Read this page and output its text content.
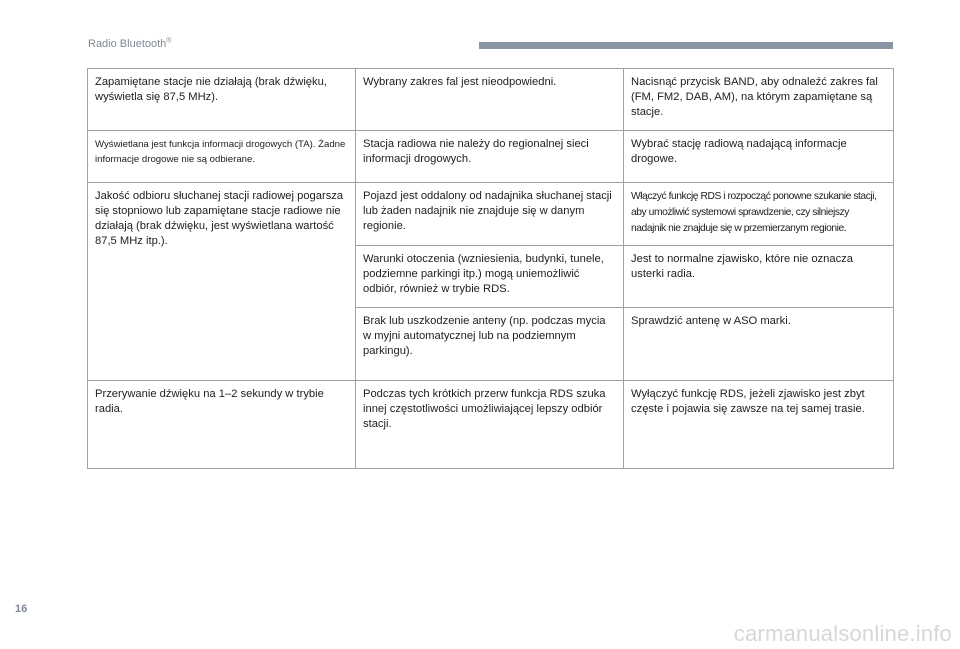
Radio Bluetooth®
Zapamiętane stacje nie działają (brak dźwięku, wyświetla się 87,5 MHz).	Wybrany zakres fal jest nieodpowiedni.	Nacisnąć przycisk BAND, aby odnaleźć zakres fal (FM, FM2, DAB, AM), na którym zapamiętane są stacje.
Wyświetlana jest funkcja informacji drogowych (TA). Żadne informacje drogowe nie są odbierane.	Stacja radiowa nie należy do regionalnej sieci informacji drogowych.	Wybrać stację radiową nadającą informacje drogowe.
Jakość odbioru słuchanej stacji radiowej pogarsza się stopniowo lub zapamiętane stacje radiowe nie działają (brak dźwięku, jest wyświetlana wartość 87,5 MHz itp.).	Pojazd jest oddalony od nadajnika słuchanej stacji lub żaden nadajnik nie znajduje się w danym regionie.	Włączyć funkcję RDS i rozpocząć ponowne szukanie stacji, aby umożliwić systemowi sprawdzenie, czy silniejszy nadajnik nie znajduje się w przemierzanym regionie.
	Warunki otoczenia (wzniesienia, budynki, tunele, podziemne parkingi itp.) mogą uniemożliwić odbiór, również w trybie RDS.	Jest to normalne zjawisko, które nie oznacza usterki radia.
	Brak lub uszkodzenie anteny (np. podczas mycia w myjni automatycznej lub na podziemnym parkingu).	Sprawdzić antenę w ASO marki.
Przerywanie dźwięku na 1–2 sekundy w trybie radia.	Podczas tych krótkich przerw funkcja RDS szuka innej częstotliwości umożliwiającej lepszy odbiór stacji.	Wyłączyć funkcję RDS, jeżeli zjawisko jest zbyt częste i pojawia się zawsze na tej samej trasie.
16
carmanualsonline.info
